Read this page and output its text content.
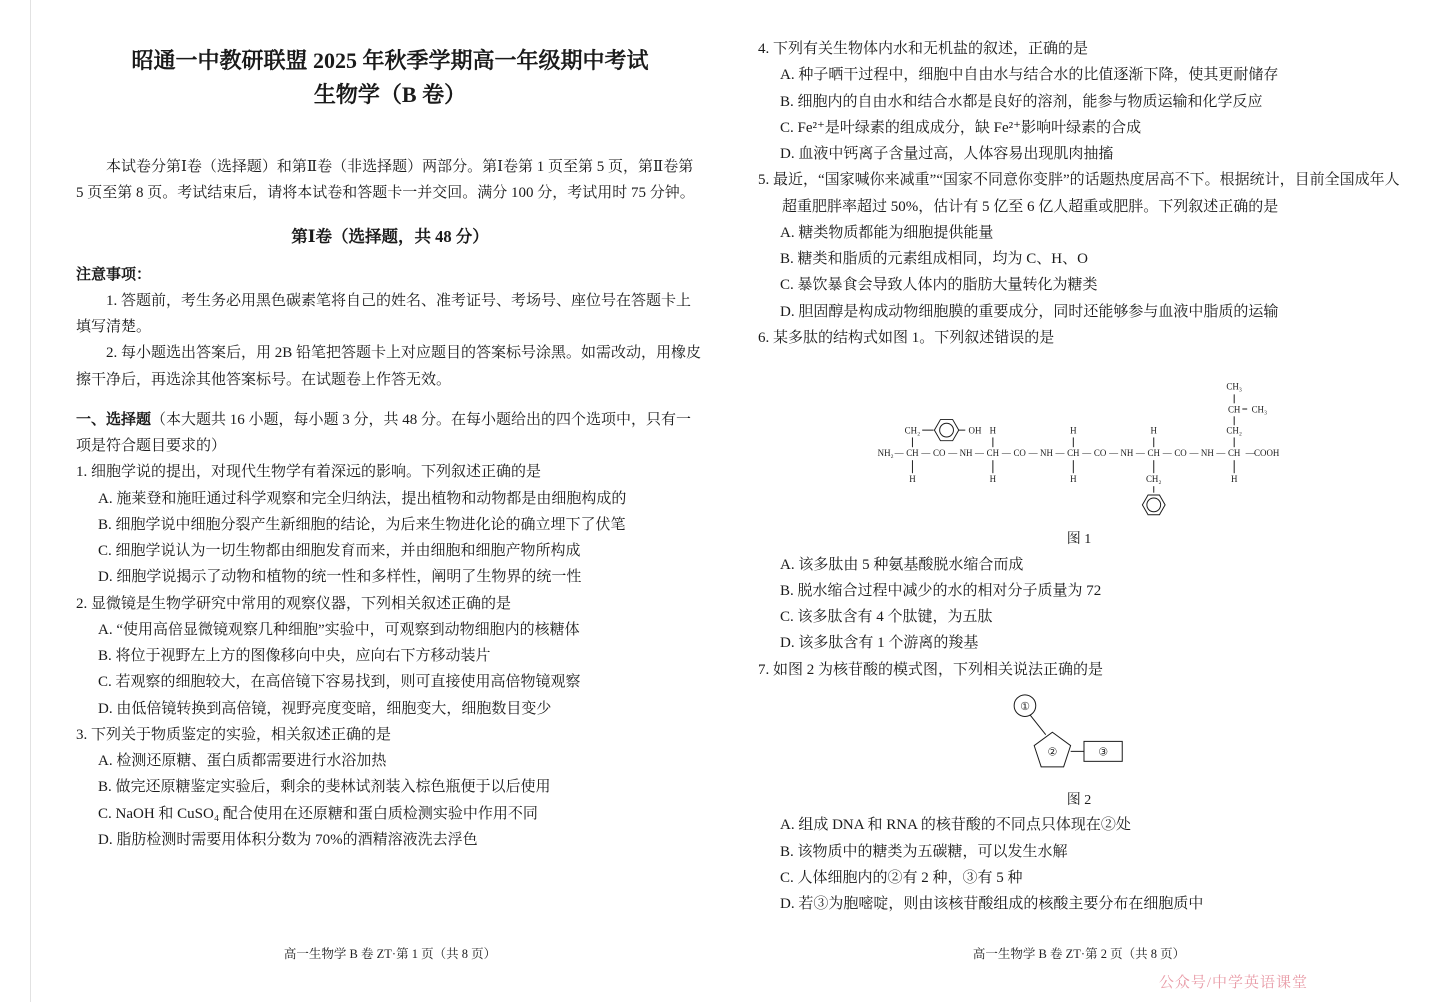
昭通一中教研联盟 2025 年秋季学期高一年级期中考试

生物学（B 卷）

本试卷分第Ⅰ卷（选择题）和第Ⅱ卷（非选择题）两部分。第Ⅰ卷第 1 页至第 5 页，第Ⅱ卷第 5 页至第 8 页。考试结束后，请将本试卷和答题卡一并交回。满分 100 分，考试用时 75 分钟。

第Ⅰ卷（选择题，共 48 分）

注意事项：

1. 答题前，考生务必用黑色碳素笔将自己的姓名、准考证号、考场号、座位号在答题卡上填写清楚。

2. 每小题选出答案后，用 2B 铅笔把答题卡上对应题目的答案标号涂黑。如需改动，用橡皮擦干净后，再选涂其他答案标号。在试题卷上作答无效。

一、选择题（本大题共 16 小题，每小题 3 分，共 48 分。在每小题给出的四个选项中，只有一项是符合题目要求的）

1. 细胞学说的提出，对现代生物学有着深远的影响。下列叙述正确的是

A. 施莱登和施旺通过科学观察和完全归纳法，提出植物和动物都是由细胞构成的

B. 细胞学说中细胞分裂产生新细胞的结论，为后来生物进化论的确立埋下了伏笔

C. 细胞学说认为一切生物都由细胞发育而来，并由细胞和细胞产物所构成

D. 细胞学说揭示了动物和植物的统一性和多样性，阐明了生物界的统一性

2. 显微镜是生物学研究中常用的观察仪器，下列相关叙述正确的是

A. “使用高倍显微镜观察几种细胞”实验中，可观察到动物细胞内的核糖体

B. 将位于视野左上方的图像移向中央，应向右下方移动装片

C. 若观察的细胞较大，在高倍镜下容易找到，则可直接使用高倍物镜观察

D. 由低倍镜转换到高倍镜，视野亮度变暗，细胞变大，细胞数目变少

3. 下列关于物质鉴定的实验，相关叙述正确的是

A. 检测还原糖、蛋白质都需要进行水浴加热

B. 做完还原糖鉴定实验后，剩余的斐林试剂装入棕色瓶便于以后使用

C. NaOH 和 CuSO₄ 配合使用在还原糖和蛋白质检测实验中作用不同

D. 脂肪检测时需要用体积分数为 70%的酒精溶液洗去浮色

4. 下列有关生物体内水和无机盐的叙述，正确的是

A. 种子晒干过程中，细胞中自由水与结合水的比值逐渐下降，使其更耐储存

B. 细胞内的自由水和结合水都是良好的溶剂，能参与物质运输和化学反应

C. Fe²⁺是叶绿素的组成成分，缺 Fe²⁺影响叶绿素的合成

D. 血液中钙离子含量过高，人体容易出现肌肉抽搐

5. 最近，“国家喊你来减重”“国家不同意你变胖”的话题热度居高不下。根据统计，目前全国成年人超重肥胖率超过 50%，估计有 5 亿至 6 亿人超重或肥胖。下列叙述正确的是

A. 糖类物质都能为细胞提供能量

B. 糖类和脂质的元素组成相同，均为 C、H、O

C. 暴饮暴食会导致人体内的脂肪大量转化为糖类

D. 胆固醇是构成动物细胞膜的重要成分，同时还能够参与血液中脂质的运输

6. 某多肽的结构式如图 1。下列叙述错误的是

NH₂ — CH — CO — NH — CH — CO — NH — CH — CO — NH — CH — CO — NH — CH — COOH
CH₂	H	H	H	CH₂
H	H	H	CH₂	H
CH CH₃
CH₃
OH
图 1

A. 该多肽由 5 种氨基酸脱水缩合而成

B. 脱水缩合过程中减少的水的相对分子质量为 72

C. 该多肽含有 4 个肽键，为五肽

D. 该多肽含有 1 个游离的羧基

7. 如图 2 为核苷酸的模式图，下列相关说法正确的是

①
②	③
图 2

A. 组成 DNA 和 RNA 的核苷酸的不同点只体现在②处

B. 该物质中的糖类为五碳糖，可以发生水解

C. 人体细胞内的②有 2 种，③有 5 种

D. 若③为胞嘧啶，则由该核苷酸组成的核酸主要分布在细胞质中

高一生物学 B 卷 ZT·第 1 页（共 8 页）	高一生物学 B 卷 ZT·第 2 页（共 8 页）
公众号/中学英语课堂
